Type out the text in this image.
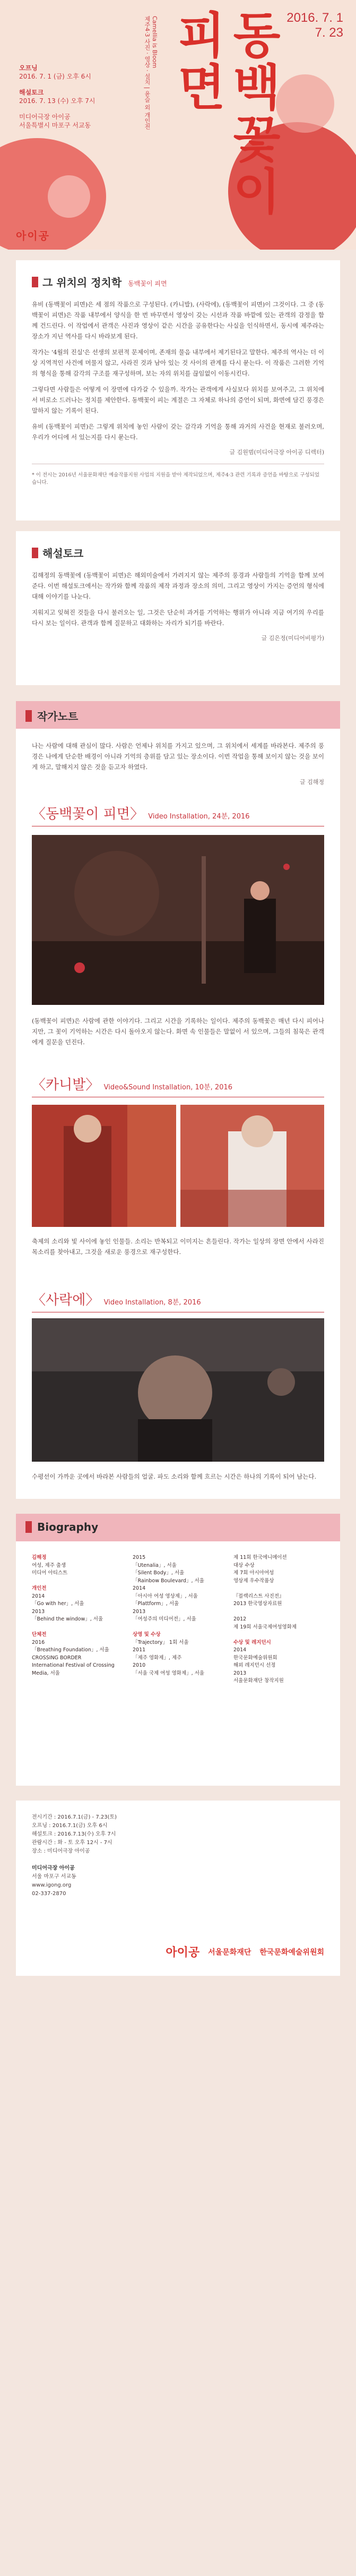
오프닝
2016. 7. 1 (금) 오후 6시
해설토크
2016. 7. 13 (수) 오후 7시
미디어극장 아이공
서울특별시 마포구 서교동
Camellia is Bloom
제주4·3 사진 · 영상 · 설치 | 윤슬 외 개인전	동백꽃이 피면	2016. 7. 1
7. 23
아이공
그 위치의 정치학	동백꽃이 피면

유비 (동백꽃이 피면)은 세 점의 작품으로 구성된다. (카니발), (사락에), (동백꽃이 피면)이 그것이다. 그 중 (동백꽃이 피면)은 작품 내부에서 양식을 한 번 바꾸면서 영상이 갖는 시선과 작품 바깥에 있는 관객의 감정을 함께 건드린다. 이 작업에서 관객은 사진과 영상이 같은 시간을 공유한다는 사실을 인식하면서, 동시에 제주라는 장소가 지닌 역사를 다시 바라보게 된다.

작가는 '4월의 진실'은 선생의 보편적 문제이며, 존재의 물음 내부에서 제기된다고 말한다. 제주의 역사는 더 이상 지역적인 사건에 머물지 않고, 사라진 것과 남아 있는 것 사이의 관계를 다시 묻는다. 이 작품은 그러한 기억의 형식을 통해 감각의 구조를 재구성하며, 보는 자의 위치를 끊임없이 이동시킨다.

그렇다면 사람들은 어떻게 이 장면에 다가갈 수 있을까. 작가는 관객에게 사실보다 위치를 보여주고, 그 위치에서 비로소 드러나는 정치를 제안한다. 동백꽃이 피는 계절은 그 자체로 하나의 증언이 되며, 화면에 담긴 풍경은 말하지 않는 기록이 된다.

유비 (동백꽃이 피면)은 그렇게 위치에 놓인 사람이 갖는 감각과 기억을 통해 과거의 사건을 현재로 불러오며, 우리가 어디에 서 있는지를 다시 묻는다.

글 김원범(미디어극장 아이공 디렉터)
* 이 전시는 2016년 서울문화재단 예술작품지원 사업의 지원을 받아 제작되었으며, 제주4·3 관련 기록과 증언을 바탕으로 구성되었습니다.
해설토크

김해정의 동백꽃에 (동백꽃이 피면)은 해외미술에서 가려지지 않는 제주의 풍경과 사람들의 기억을 함께 보여준다. 이번 해설토크에서는 작가와 함께 작품의 제작 과정과 장소의 의미, 그리고 영상이 가지는 증언의 형식에 대해 이야기를 나눈다.

지워지고 잊혀진 것들을 다시 불러오는 일, 그것은 단순히 과거를 기억하는 행위가 아니라 지금 여기의 우리를 다시 보는 일이다. 관객과 함께 질문하고 대화하는 자리가 되기를 바란다.

글 김은정(미디어비평가)
작가노트

나는 사람에 대해 관심이 많다. 사람은 언제나 위치를 가지고 있으며, 그 위치에서 세계를 바라본다. 제주의 풍경은 나에게 단순한 배경이 아니라 기억의 층위를 담고 있는 장소이다. 이번 작업을 통해 보이지 않는 것을 보이게 하고, 말해지지 않은 것을 듣고자 하였다.

글 김해정
〈동백꽃이 피면〉 Video Installation, 24분, 2016

(동백꽃이 피면)은 사람에 관한 이야기다. 그리고 시간을 기록하는 일이다. 제주의 동백꽃은 매년 다시 피어나지만, 그 꽃이 기억하는 시간은 다시 돌아오지 않는다. 화면 속 인물들은 말없이 서 있으며, 그들의 침묵은 관객에게 질문을 던진다.

〈카니발〉 Video&Sound Installation, 10분, 2016

축제의 소리와 빛 사이에 놓인 인물들. 소리는 반복되고 이미지는 흔들린다. 작가는 일상의 장면 안에서 사라진 목소리를 찾아내고, 그것을 새로운 풍경으로 재구성한다.

〈사락에〉 Video Installation, 8분, 2016

수평선이 가까운 곳에서 바라본 사람들의 얼굴. 파도 소리와 함께 흐르는 시간은 하나의 기록이 되어 남는다.

Biography
김해정
여성, 제주 출생
미디어 아티스트

개인전
2014
「Go with her」, 서울
2013
「Behind the window」, 서울

단체전
2016
「Breathing Foundation」, 서울
CROSSING BORDER
International Festival of Crossing Media, 서울
2015
「Utenalia」, 서울
「Silent Body」, 서울
「Rainbow Boulevard」, 서울
2014
「아시아 여성 영상제」, 서울
「Plattform」, 서울
2013
「여성주의 미디어전」, 서울

상영 및 수상
「Trajectory」 1회 서울
2011
「제주 영화제」, 제주
2010
「서울 국제 여성 영화제」, 서울
제 11회 한국에니메이션
대상 수상
제 7회 아시아여성
영상제 우수작품상

『블랙리스트 사진전』
2013 한국영상자료원

2012
제 19회 서울국제여성영화제

수상 및 레지던시
2014
한국문화예술위원회
해외 레지던시 선정
2013
서울문화재단 창작지원
전시기간 : 2016.7.1(금) - 7.23(토)
오프닝 : 2016.7.1(금) 오후 6시
해설토크 : 2016.7.13(수) 오후 7시
관람시간 : 화 - 토 오후 12시 - 7시
장소 : 미디어극장 아이공

미디어극장 아이공
서울 마포구 서교동
www.igong.org
02-337-2870
아이공 서울문화재단 한국문화예술위원회
